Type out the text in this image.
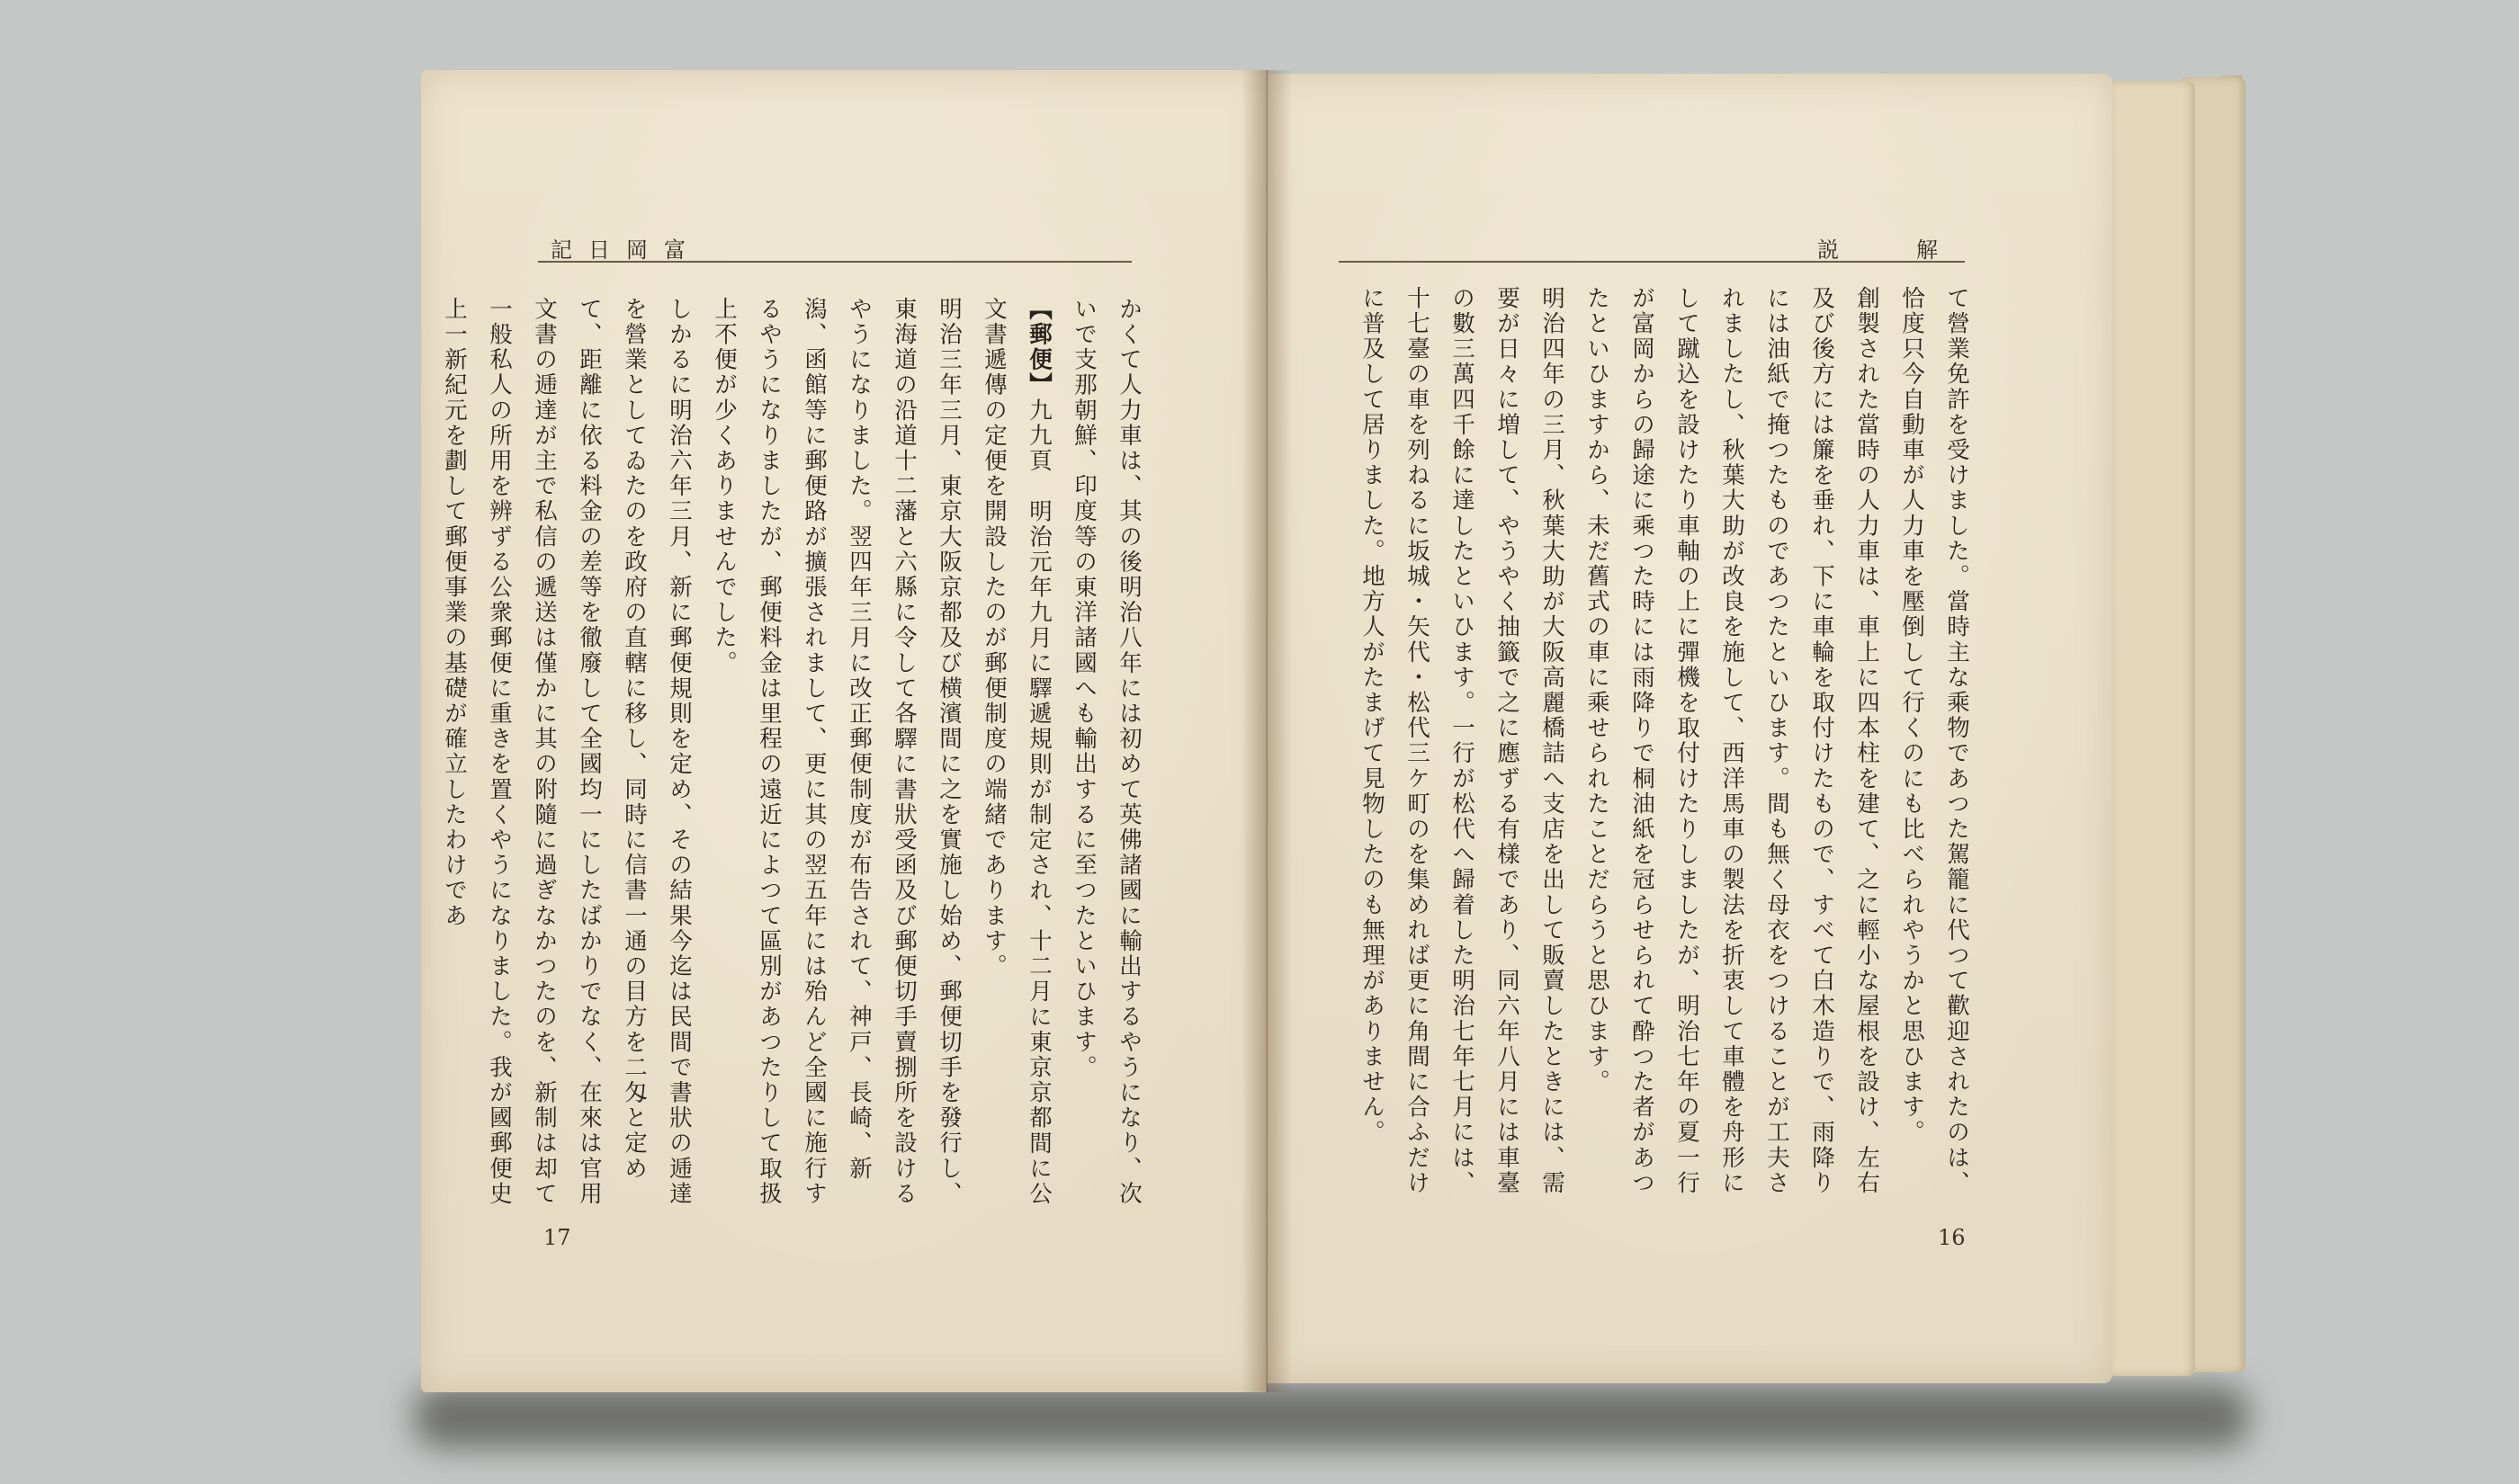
記日岡富

かくて人力車は、其の後明治八年には初めて英佛諸國に輸出するやうになり、次いで支那朝鮮、印度等の東洋諸國へも輸出するに至つたといひます。

【郵便】九九頁　明治元年九月に驛遞規則が制定され、十二月に東京京都間に公文書遞傳の定便を開設したのが郵便制度の端緒であります。

明治三年三月、東京大阪京都及び横濱間に之を實施し始め、郵便切手を發行し、東海道の沿道十二藩と六縣に令して各驛に書狀受函及び郵便切手賣捌所を設けるやうになりました。翌四年三月に改正郵便制度が布告されて、神戸、長崎、新潟、函館等に郵便路が擴張されまして、更に其の翌五年には殆んど全國に施行するやうになりましたが、郵便料金は里程の遠近によつて區別があつたりして取扱上不便が少くありませんでした。

しかるに明治六年三月、新に郵便規則を定め、その結果今迄は民間で書狀の逓達を營業としてゐたのを政府の直轄に移し、同時に信書一通の目方を二匁と定めて、距離に依る料金の差等を徹廢して全國均一にしたばかりでなく、在來は官用文書の逓達が主で私信の遞送は僅かに其の附隨に過ぎなかつたのを、新制は却て一般私人の所用を辨ずる公衆郵便に重きを置くやうになりました。我が國郵便史上一新紀元を劃して郵便事業の基礎が確立したわけであ

17
説解

て營業免許を受けました。當時主な乘物であつた駕籠に代つて歡迎されたのは、恰度只今自動車が人力車を壓倒して行くのにも比べられやうかと思ひます。

創製された當時の人力車は、車上に四本柱を建て、之に輕小な屋根を設け、左右及び後方には簾を垂れ、下に車輪を取付けたもので、すべて白木造りで、雨降りには油紙で掩つたものであつたといひます。間も無く母衣をつけることが工夫されましたし、秋葉大助が改良を施して、西洋馬車の製法を折衷して車體を舟形にして蹴込を設けたり車軸の上に彈機を取付けたりしましたが、明治七年の夏一行が富岡からの歸途に乘つた時には雨降りで桐油紙を冠らせられて酔つた者があつたといひますから、未だ舊式の車に乘せられたことだらうと思ひます。

明治四年の三月、秋葉大助が大阪高麗橋詰へ支店を出して販賣したときには、需要が日々に増して、やうやく抽籤で之に應ずる有樣であり、同六年八月には車臺の數三萬四千餘に達したといひます。一行が松代へ歸着した明治七年七月には、十七臺の車を列ねるに坂城・矢代・松代三ケ町のを集めれば更に角間に合ふだけに普及して居りました。地方人がたまげて見物したのも無理がありません。

16
